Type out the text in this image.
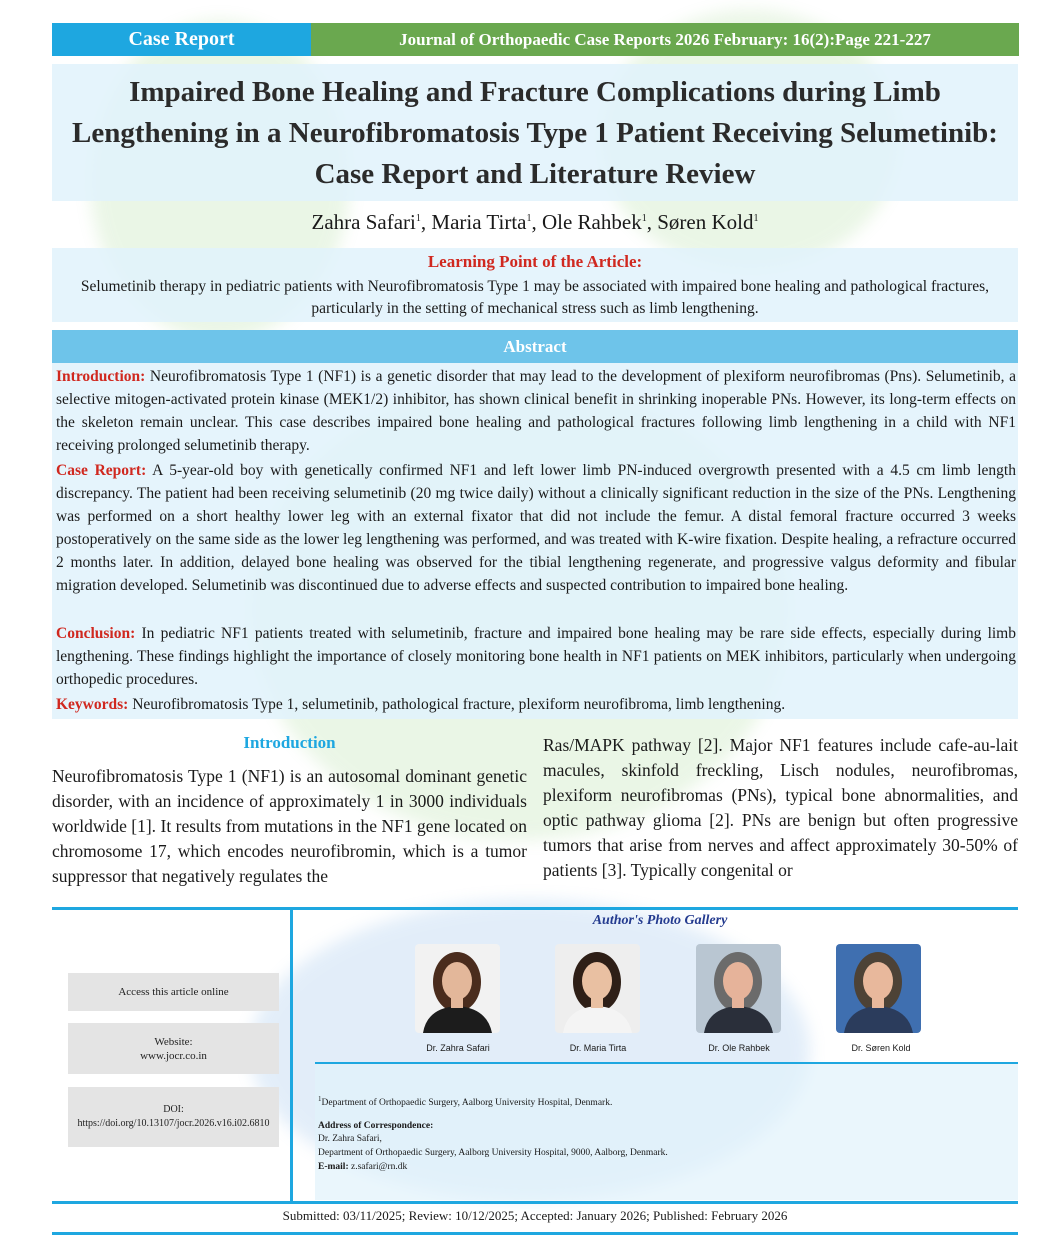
Case Report	Journal of Orthopaedic Case Reports 2026 February: 16(2):Page 221-227
Impaired Bone Healing and Fracture Complications during Limb Lengthening in a Neurofibromatosis Type 1 Patient Receiving Selumetinib: Case Report and Literature Review
Zahra Safari$^1$, Maria Tirta$^1$, Ole Rahbek$^1$, Søren Kold$^1$
Learning Point of the Article:
Selumetinib therapy in pediatric patients with Neurofibromatosis Type 1 may be associated with impaired bone healing and pathological fractures, particularly in the setting of mechanical stress such as limb lengthening.
Abstract

Introduction: Neurofibromatosis Type 1 (NF1) is a genetic disorder that may lead to the development of plexiform neurofibromas (Pns). Selumetinib, a selective mitogen-activated protein kinase (MEK1/2) inhibitor, has shown clinical benefit in shrinking inoperable PNs. However, its long-term effects on the skeleton remain unclear. This case describes impaired bone healing and pathological fractures following limb lengthening in a child with NF1 receiving prolonged selumetinib therapy.

Case Report: A 5-year-old boy with genetically confirmed NF1 and left lower limb PN-induced overgrowth presented with a 4.5 cm limb length discrepancy. The patient had been receiving selumetinib (20 mg twice daily) without a clinically significant reduction in the size of the PNs. Lengthening was performed on a short healthy lower leg with an external fixator that did not include the femur. A distal femoral fracture occurred 3 weeks postoperatively on the same side as the lower leg lengthening was performed, and was treated with K-wire fixation. Despite healing, a refracture occurred 2 months later. In addition, delayed bone healing was observed for the tibial lengthening regenerate, and progressive valgus deformity and fibular migration developed. Selumetinib was discontinued due to adverse effects and suspected contribution to impaired bone healing.

Conclusion: In pediatric NF1 patients treated with selumetinib, fracture and impaired bone healing may be rare side effects, especially during limb lengthening. These findings highlight the importance of closely monitoring bone health in NF1 patients on MEK inhibitors, particularly when undergoing orthopedic procedures.

Keywords: Neurofibromatosis Type 1, selumetinib, pathological fracture, plexiform neurofibroma, limb lengthening.

Introduction

Neurofibromatosis Type 1 (NF1) is an autosomal dominant genetic disorder, with an incidence of approximately 1 in 3000 individuals worldwide [1]. It results from mutations in the NF1 gene located on chromosome 17, which encodes neurofibromin, which is a tumor suppressor that negatively regulates the

Ras/MAPK pathway [2]. Major NF1 features include cafe-au-lait macules, skinfold freckling, Lisch nodules, neurofibromas, plexiform neurofibromas (PNs), typical bone abnormalities, and optic pathway glioma [2]. PNs are benign but often progressive tumors that arise from nerves and affect approximately 30-50% of patients [3]. Typically congenital or

Access this article online
Website:
www.jocr.co.in
DOI:
https://doi.org/10.13107/jocr.2026.v16.i02.6810
Author's Photo Gallery
Dr. Zahra Safari	Dr. Maria Tirta	Dr. Ole Rahbek	Dr. Søren Kold
$^1$Department of Orthopaedic Surgery, Aalborg University Hospital, Denmark.
Address of Correspondence:
Dr. Zahra Safari,
Department of Orthopaedic Surgery, Aalborg University Hospital, 9000, Aalborg, Denmark.
E-mail: z.safari@rn.dk
Submitted: 03/11/2025; Review: 10/12/2025; Accepted: January 2026; Published: February 2026
